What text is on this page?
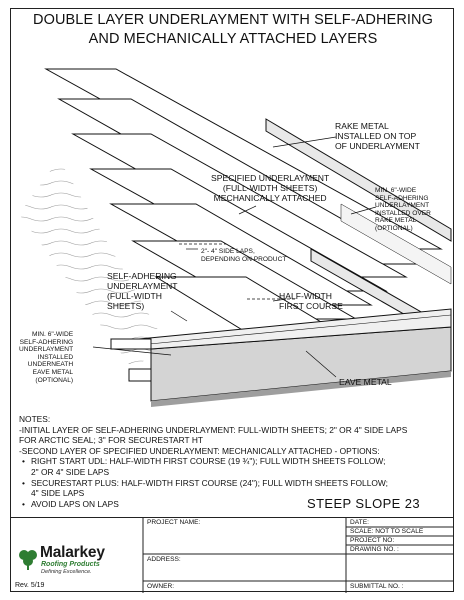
DOUBLE LAYER UNDERLAYMENT WITH SELF-ADHERING
AND MECHANICALLY ATTACHED LAYERS
RAKE METAL
INSTALLED ON TOP
OF UNDERLAYMENT
SPECIFIED UNDERLAYMENT
(FULL-WIDTH SHEETS)
MECHANICALLY ATTACHED
MIN. 6"-WIDE
SELF-ADHERING
UNDERLAYMENT
INSTALLED OVER
RAKE METAL
(OPTIONAL)
2"- 4" SIDE LAPS,
DEPENDING ON PRODUCT
SELF-ADHERING
UNDERLAYMENT
(FULL-WIDTH
SHEETS)
HALF-WIDTH
FIRST COURSE
MIN. 6"-WIDE
SELF-ADHERING
UNDERLAYMENT
INSTALLED
UNDERNEATH
EAVE METAL
(OPTIONAL)	EAVE METAL
NOTES:
-INITIAL LAYER OF SELF-ADHERING UNDERLAYMENT: FULL-WIDTH SHEETS; 2" OR 4" SIDE LAPS
FOR ARCTIC SEAL; 3" FOR SECURESTART HT
-SECOND LAYER OF SPECIFIED UNDERLAYMENT: MECHANICALLY ATTACHED - OPTIONS:
• RIGHT START UDL: HALF-WIDTH FIRST COURSE (19 ¾"); FULL WIDTH SHEETS FOLLOW;
2" OR 4" SIDE LAPS
• SECURESTART PLUS: HALF-WIDTH FIRST COURSE (24"); FULL WIDTH SHEETS FOLLOW;
4" SIDE LAPS
• AVOID LAPS ON LAPS	STEEP SLOPE 23
PROJECT NAME:
ADDRESS:
OWNER:
DATE:
SCALE: NOT TO SCALE
PROJECT NO:
DRAWING NO. :
SUBMITTAL NO. :
Malarkey
Roofing Products
Defining Excellence.
Rev. 5/19
